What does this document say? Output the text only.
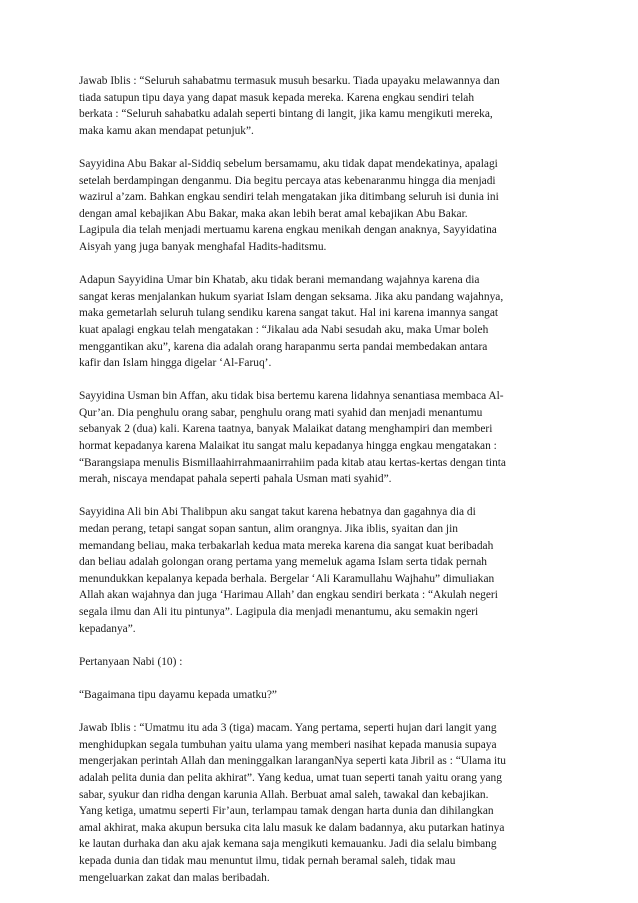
Jawab Iblis : “Seluruh sahabatmu termasuk musuh besarku. Tiada upayaku melawannya dan
tiada satupun tipu daya yang dapat masuk kepada mereka. Karena engkau sendiri telah
berkata : “Seluruh sahabatku adalah seperti bintang di langit, jika kamu mengikuti mereka,
maka kamu akan mendapat petunjuk”.

Sayyidina Abu Bakar al-Siddiq sebelum bersamamu, aku tidak dapat mendekatinya, apalagi
setelah berdampingan denganmu. Dia begitu percaya atas kebenaranmu hingga dia menjadi
wazirul a’zam. Bahkan engkau sendiri telah mengatakan jika ditimbang seluruh isi dunia ini
dengan amal kebajikan Abu Bakar, maka akan lebih berat amal kebajikan Abu Bakar.
Lagipula dia telah menjadi mertuamu karena engkau menikah dengan anaknya, Sayyidatina
Aisyah yang juga banyak menghafal Hadits-haditsmu.

Adapun Sayyidina Umar bin Khatab, aku tidak berani memandang wajahnya karena dia
sangat keras menjalankan hukum syariat Islam dengan seksama. Jika aku pandang wajahnya,
maka gemetarlah seluruh tulang sendiku karena sangat takut. Hal ini karena imannya sangat
kuat apalagi engkau telah mengatakan : “Jikalau ada Nabi sesudah aku, maka Umar boleh
menggantikan aku”, karena dia adalah orang harapanmu serta pandai membedakan antara
kafir dan Islam hingga digelar ‘Al-Faruq’.

Sayyidina Usman bin Affan, aku tidak bisa bertemu karena lidahnya senantiasa membaca Al-
Qur’an. Dia penghulu orang sabar, penghulu orang mati syahid dan menjadi menantumu
sebanyak 2 (dua) kali. Karena taatnya, banyak Malaikat datang menghampiri dan memberi
hormat kepadanya karena Malaikat itu sangat malu kepadanya hingga engkau mengatakan :
“Barangsiapa menulis Bismillaahirrahmaanirrahiim pada kitab atau kertas-kertas dengan tinta
merah, niscaya mendapat pahala seperti pahala Usman mati syahid”.

Sayyidina Ali bin Abi Thalibpun aku sangat takut karena hebatnya dan gagahnya dia di
medan perang, tetapi sangat sopan santun, alim orangnya. Jika iblis, syaitan dan jin
memandang beliau, maka terbakarlah kedua mata mereka karena dia sangat kuat beribadah
dan beliau adalah golongan orang pertama yang memeluk agama Islam serta tidak pernah
menundukkan kepalanya kepada berhala. Bergelar ‘Ali Karamullahu Wajhahu” dimuliakan
Allah akan wajahnya dan juga ‘Harimau Allah’ dan engkau sendiri berkata : “Akulah negeri
segala ilmu dan Ali itu pintunya”. Lagipula dia menjadi menantumu, aku semakin ngeri
kepadanya”.

Pertanyaan Nabi (10) :

“Bagaimana tipu dayamu kepada umatku?”

Jawab Iblis : “Umatmu itu ada 3 (tiga) macam. Yang pertama, seperti hujan dari langit yang
menghidupkan segala tumbuhan yaitu ulama yang memberi nasihat kepada manusia supaya
mengerjakan perintah Allah dan meninggalkan laranganNya seperti kata Jibril as : “Ulama itu
adalah pelita dunia dan pelita akhirat”. Yang kedua, umat tuan seperti tanah yaitu orang yang
sabar, syukur dan ridha dengan karunia Allah. Berbuat amal saleh, tawakal dan kebajikan.
Yang ketiga, umatmu seperti Fir’aun, terlampau tamak dengan harta dunia dan dihilangkan
amal akhirat, maka akupun bersuka cita lalu masuk ke dalam badannya, aku putarkan hatinya
ke lautan durhaka dan aku ajak kemana saja mengikuti kemauanku. Jadi dia selalu bimbang
kepada dunia dan tidak mau menuntut ilmu, tidak pernah beramal saleh, tidak mau
mengeluarkan zakat dan malas beribadah.
